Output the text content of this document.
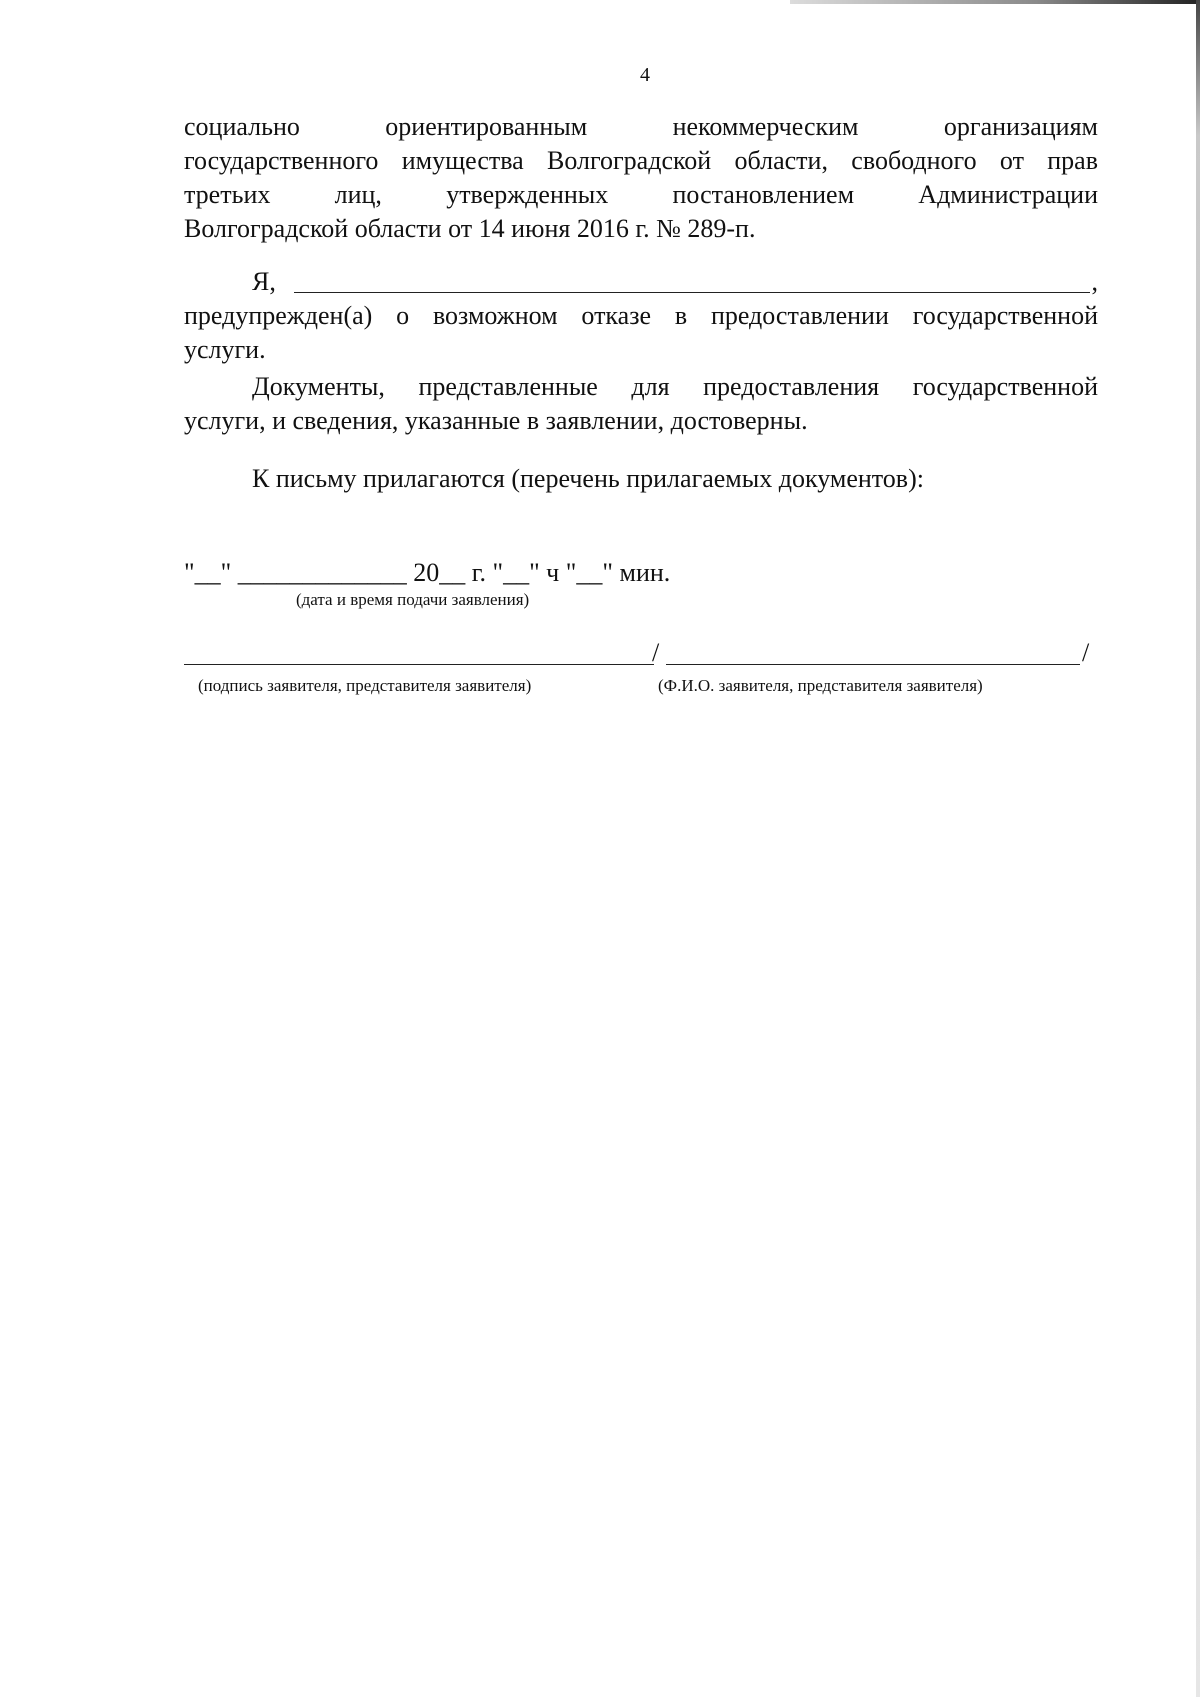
4
социально ориентированным некоммерческим организациям
государственного имущества Волгоградской области, свободного от прав
третьих лиц, утвержденных постановлением Администрации
Волгоградской области от 14 июня 2016 г. № 289-п.
Я,	,
предупрежден(а) о возможном отказе в предоставлении государственной
услуги.
Документы, представленные для предоставления государственной
услуги, и сведения, указанные в заявлении, достоверны.
К письму прилагаются (перечень прилагаемых документов):
"__" _____________ 20__ г. "__" ч "__" мин.
(дата и время подачи заявления)
/	/
(подпись заявителя, представителя заявителя)	(Ф.И.О. заявителя, представителя заявителя)
